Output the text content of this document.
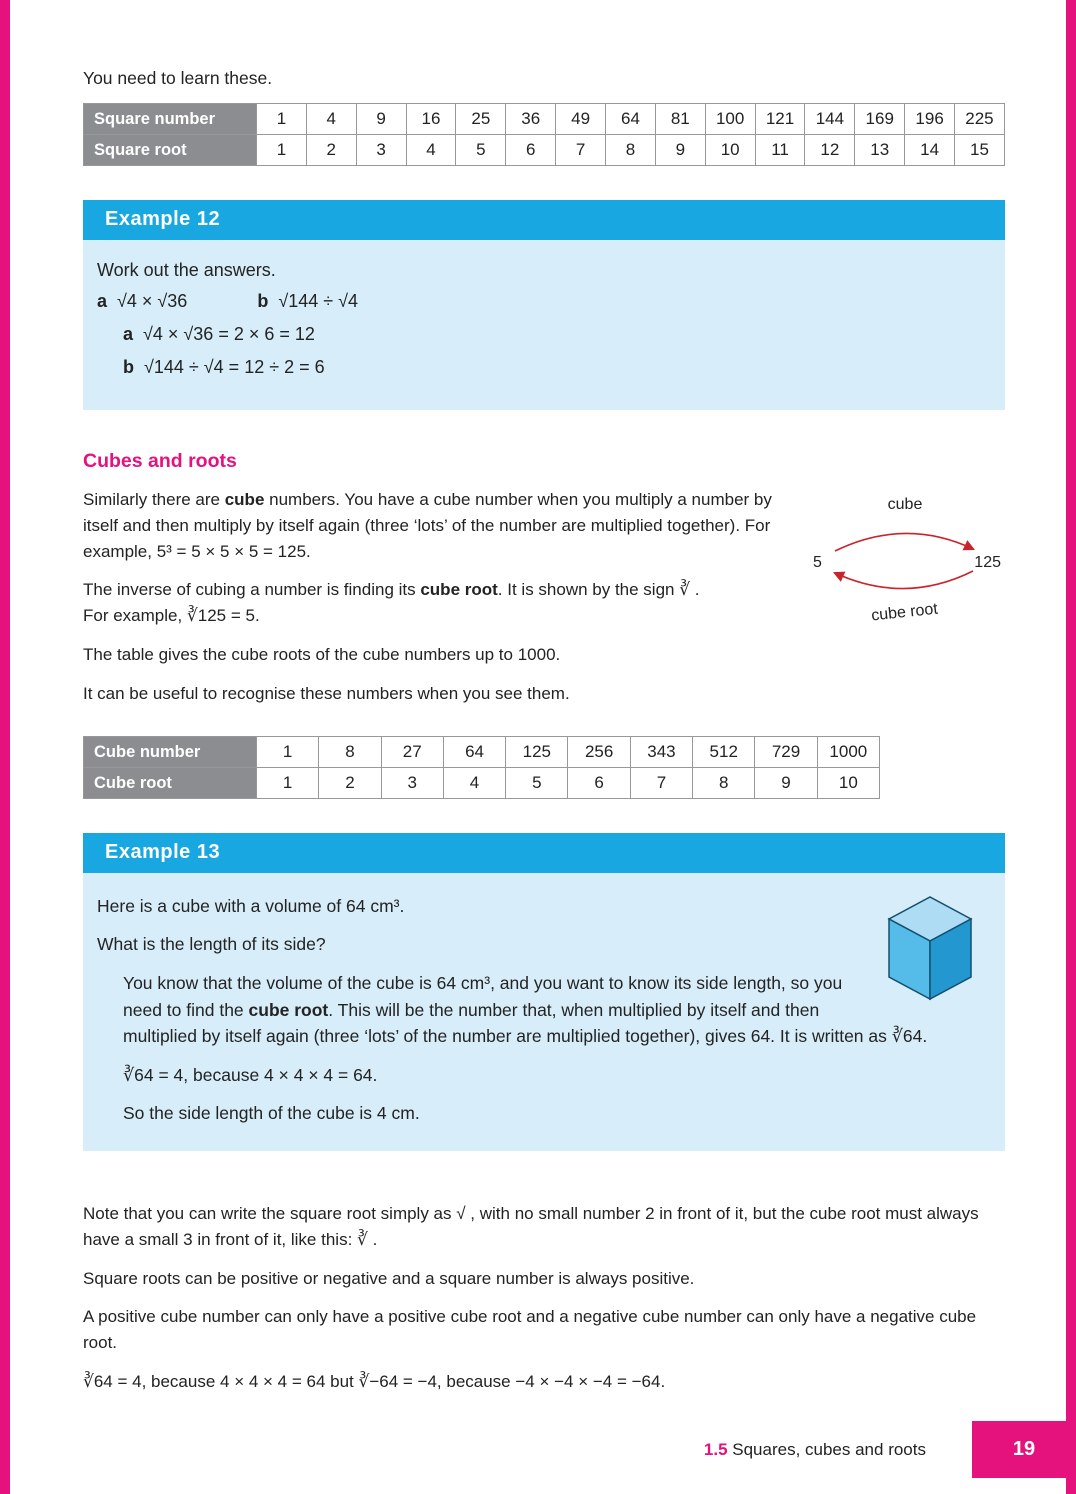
You need to learn these.

Square number	1	4	9	16	25	36	49	64	81	100	121	144	169	196	225
Square root	1	2	3	4	5	6	7	8	9	10	11	12	13	14	15
Example 12

Work out the answers.

a √4 × √36	b √144 ÷ √4

a √4 × √36 = 2 × 6 = 12

b √144 ÷ √4 = 12 ÷ 2 = 6

Cubes and roots
cube
5	125
cube root

Similarly there are cube numbers. You have a cube number when you multiply a number by itself and then multiply by itself again (three ‘lots’ of the number are multiplied together). For example, 5³ = 5 × 5 × 5 = 125.

The inverse of cubing a number is finding its cube root. It is shown by the sign ∛ .
For example, ∛125 = 5.

The table gives the cube roots of the cube numbers up to 1000.

It can be useful to recognise these numbers when you see them.

Cube number	1	8	27	64	125	256	343	512	729	1000
Cube root	1	2	3	4	5	6	7	8	9	10
Example 13

Here is a cube with a volume of 64 cm³.

What is the length of its side?

You know that the volume of the cube is 64 cm³, and you want to know its side length, so you need to find the cube root. This will be the number that, when multiplied by itself and then multiplied by itself again (three ‘lots’ of the number are multiplied together), gives 64. It is written as ∛64.

∛64 = 4, because 4 × 4 × 4 = 64.

So the side length of the cube is 4 cm.

Note that you can write the square root simply as √ , with no small number 2 in front of it, but the cube root must always have a small 3 in front of it, like this: ∛ .

Square roots can be positive or negative and a square number is always positive.

A positive cube number can only have a positive cube root and a negative cube number can only have a negative cube root.

∛64 = 4, because 4 × 4 × 4 = 64 but ∛−64 = −4, because −4 × −4 × −4 = −64.

1.5 Squares, cubes and roots	19
